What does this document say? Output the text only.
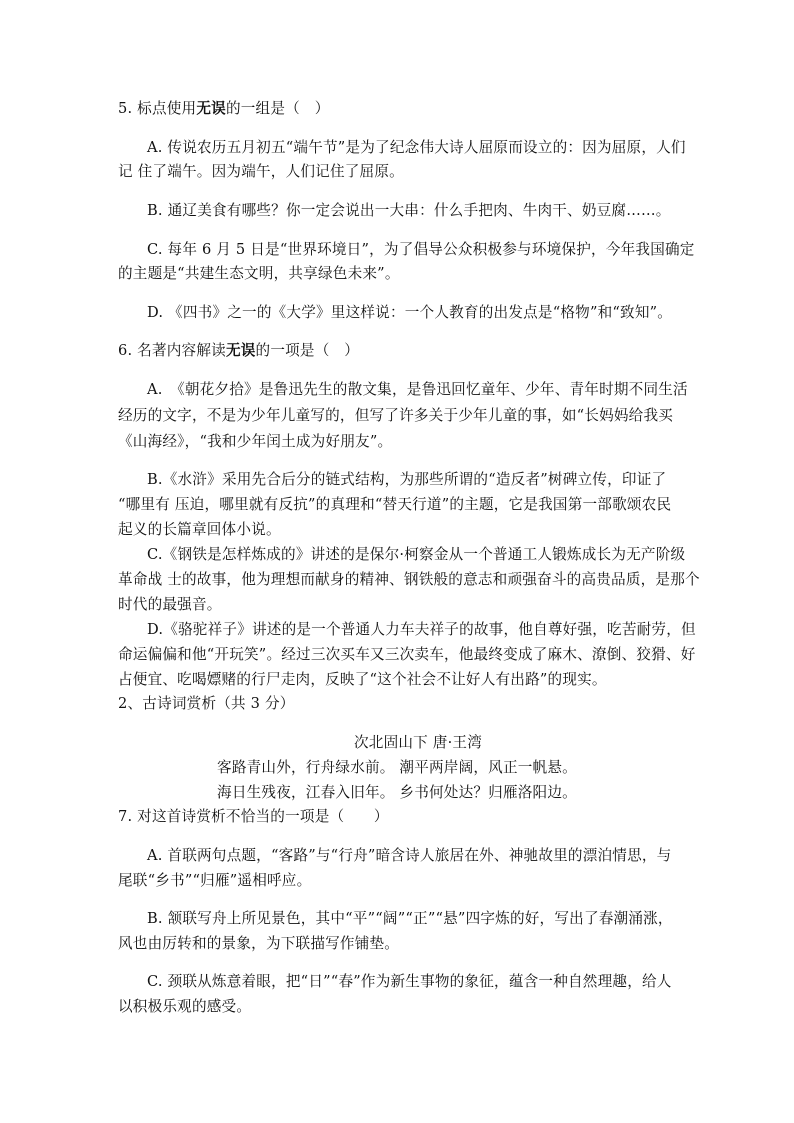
5. 标点使用无误的一组是（　）
A. 传说农历五月初五“端午节”是为了纪念伟大诗人屈原而设立的：因为屈原，人们
记 住了端午。因为端午，人们记住了屈原。
B. 通辽美食有哪些？你一定会说出一大串：什么手把肉、牛肉干、奶豆腐……。
C. 每年 6 月 5 日是“世界环境日”，为了倡导公众积极参与环境保护，今年我国确定
的主题是“共建生态文明，共享绿色未来”。
D. 《四书》之一的《大学》里这样说：一个人教育的出发点是“格物”和“致知”。
6. 名著内容解读无误的一项是（　）
A.　《朝花夕拾》是鲁迅先生的散文集，是鲁迅回忆童年、少年、青年时期不同生活
经历的文字，不是为少年儿童写的，但写了许多关于少年儿童的事，如“长妈妈给我买
《山海经》，“我和少年闰土成为好朋友”。
B.《水浒》采用先合后分的链式结构，为那些所谓的“造反者”树碑立传，印证了
“哪里有 压迫，哪里就有反抗”的真理和“替天行道”的主题，它是我国第一部歌颂农民
起义的长篇章回体小说。
C.《钢铁是怎样炼成的》讲述的是保尔·柯察金从一个普通工人锻炼成长为无产阶级
革命战 士的故事，他为理想而献身的精神、钢铁般的意志和顽强奋斗的高贵品质，是那个
时代的最强音。
D.《骆驼祥子》讲述的是一个普通人力车夫祥子的故事，他自尊好强，吃苦耐劳，但
命运偏偏和他“开玩笑”。经过三次买车又三次卖车，他最终变成了麻木、潦倒、狡猾、好
占便宜、吃喝嫖赌的行尸走肉，反映了“这个社会不让好人有出路”的现实。
2、古诗词赏析（共 3 分）
次北固山下 唐·王湾
客路青山外，行舟绿水前。 潮平两岸阔，风正一帆悬。
海日生残夜，江春入旧年。 乡书何处达？归雁洛阳边。
7. 对这首诗赏析不恰当的一项是（　　）
A. 首联两句点题，“客路”与“行舟”暗含诗人旅居在外、神驰故里的漂泊情思，与
尾联“乡书”“归雁”遥相呼应。
B. 颔联写舟上所见景色，其中“平”“阔”“正”“悬”四字炼的好，写出了春潮涌涨，
风也由厉转和的景象，为下联描写作铺垫。
C. 颈联从炼意着眼，把“日”“春”作为新生事物的象征，蕴含一种自然理趣，给人
以积极乐观的感受。
